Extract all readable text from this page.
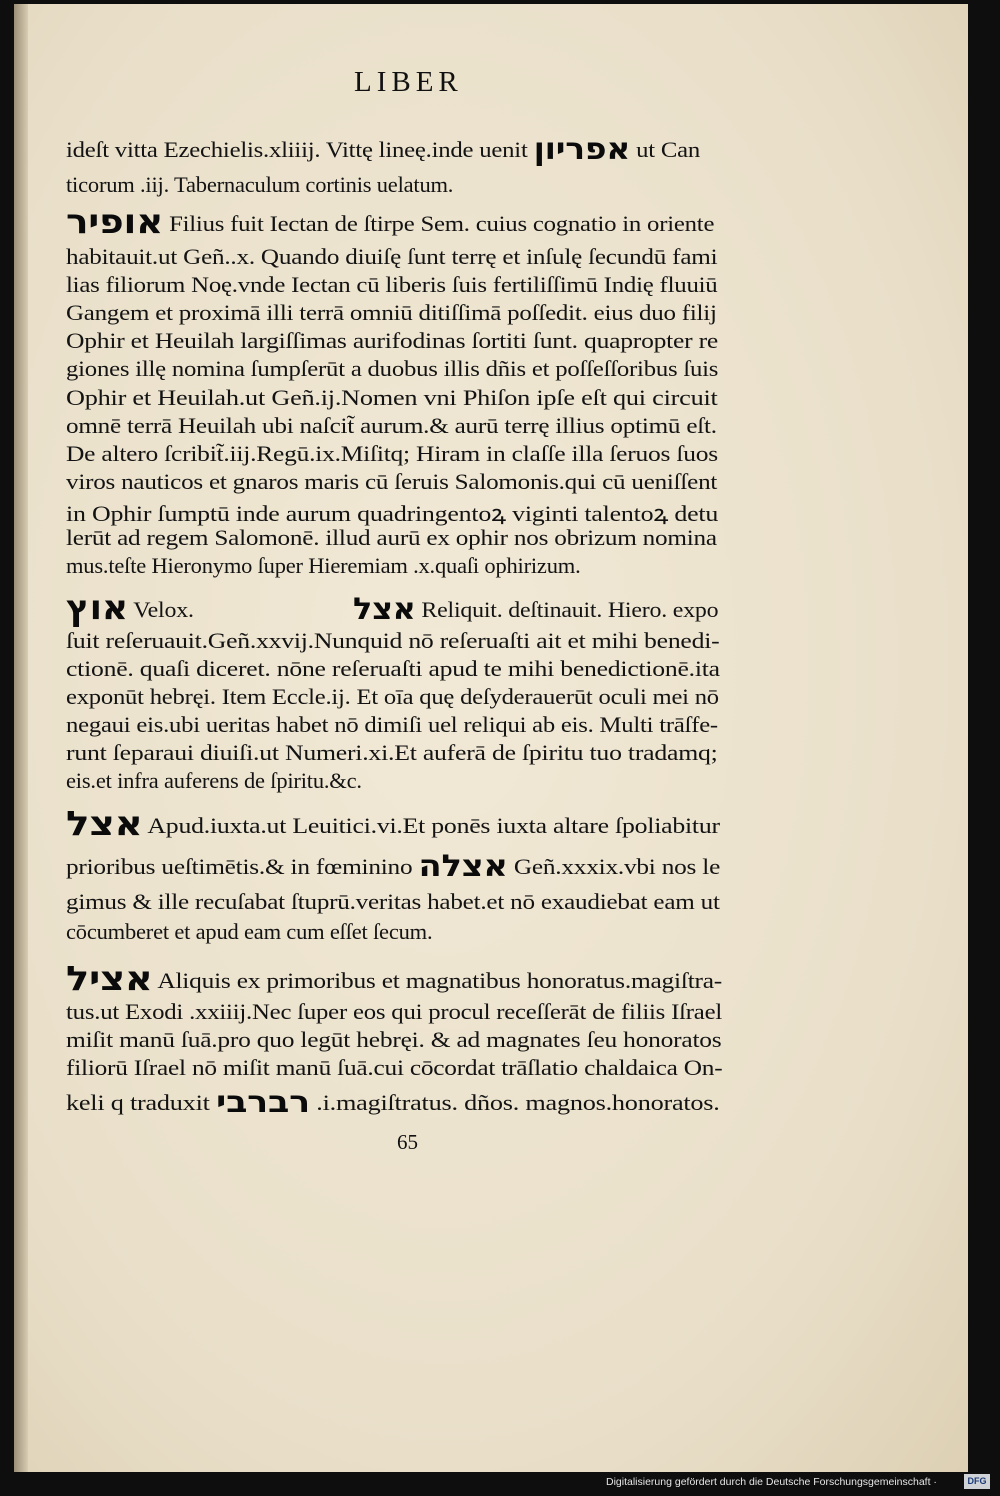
LIBER
ideſt vitta Ezechielis.xliiij. Vittę lineę.inde uenit אפריון ut Can
ticorum .iij. Tabernaculum cortinis uelatum.
אופיר Filius fuit Iectan de ſtirpe Sem. cuius cognatio in oriente
habitauit.ut Geñ..x. Quando diuiſę ſunt terrę et inſulę ſecundū fami
lias filiorum Noę.vnde Iectan cū liberis ſuis fertiliſſimū Indię fluuiū
Gangem et proximā illi terrā omniū ditiſſimā poſſedit. eius duo filij
Ophir et Heuilah largiſſimas aurifodinas ſortiti ſunt. quapropter re
giones illę nomina ſumpſerūt a duobus illis dñis et poſſeſſoribus ſuis
Ophir et Heuilah.ut Geñ.ij.Nomen vni Phiſon ipſe eſt qui circuit
omnē terrā Heuilah ubi naſcit̃ aurum.& aurū terrę illius optimū eſt.
De altero ſcribit̃.iij.Regū.ix.Miſitq; Hiram in claſſe illa ſeruos ſuos
viros nauticos et gnaros maris cū ſeruis Salomonis.qui cū ueniſſent
in Ophir ſumptū inde aurum quadringentoꝝ viginti talentoꝝ detu
lerūt ad regem Salomonē. illud aurū ex ophir nos obrizum nomina
mus.teſte Hieronymo ſuper Hieremiam .x.quaſi ophirizum.
אוץ Velox.	אצל Reliquit. deſtinauit. Hiero. expo
ſuit reſeruauit.Geñ.xxvij.Nunquid nō reſeruaſti ait et mihi benedi-
ctionē. quaſi diceret. nōne reſeruaſti apud te mihi benedictionē.ita
exponūt hebręi. Item Eccle.ij. Et oīa quę deſyderauerūt oculi mei nō
negaui eis.ubi ueritas habet nō dimiſi uel reliqui ab eis. Multi trāſfe-
runt ſeparaui diuiſi.ut Numeri.xi.Et auferā de ſpiritu tuo tradamq;
eis.et infra auferens de ſpiritu.&c.
אצל Apud.iuxta.ut Leuitici.vi.Et ponēs iuxta altare ſpoliabitur
prioribus ueſtimētis.& in fœminino אצלה Geñ.xxxix.vbi nos le
gimus & ille recuſabat ſtuprū.veritas habet.et nō exaudiebat eam ut
cōcumberet et apud eam cum eſſet ſecum.
אציל Aliquis ex primoribus et magnatibus honoratus.magiſtra-
tus.ut Exodi .xxiiij.Nec ſuper eos qui procul receſſerāt de filiis Iſrael
miſit manū ſuā.pro quo legūt hebręi. & ad magnates ſeu honoratos
filiorū Iſrael nō miſit manū ſuā.cui cōcordat trāſlatio chaldaica On-
keli q traduxit רברבי .i.magiſtratus. dños. magnos.honoratos.
65
Digitalisierung gefördert durch die Deutsche Forschungsgemeinschaft ·	DFG
